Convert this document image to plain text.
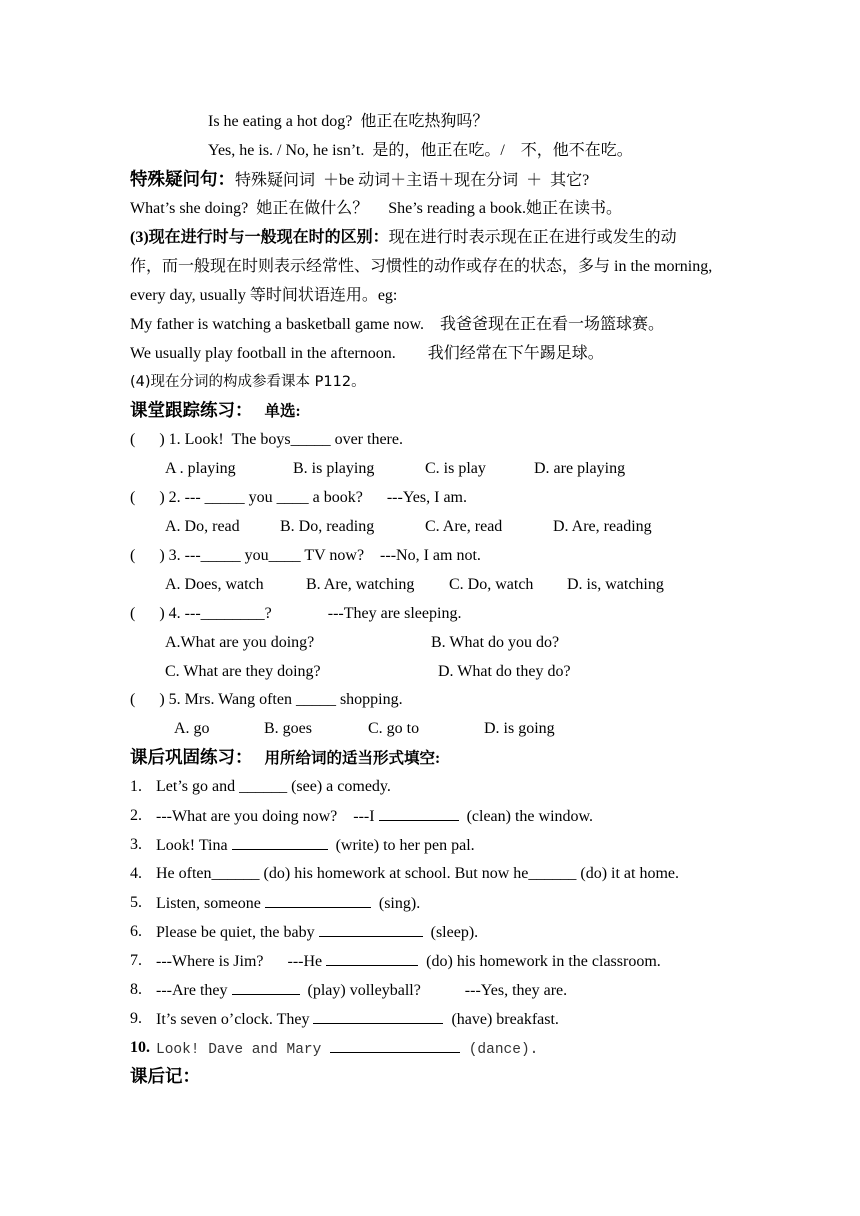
Is he eating a hot dog?  他正在吃热狗吗？
Yes, he is. / No, he isn’t.  是的，他正在吃。/    不，他不在吃。
特殊疑问句：特殊疑问词  ＋be 动词＋主语＋现在分词  ＋  其它?
What’s she doing?  她正在做什么？     She’s reading a book.她正在读书。
(3)现在进行时与一般现在时的区别：现在进行时表示现在正在进行或发生的动
作，而一般现在时则表示经常性、习惯性的动作或存在的状态，多与 in the morning,
every day, usually 等时间状语连用。eg:
My father is watching a basketball game now.    我爸爸现在正在看一场篮球赛。
We usually play football in the afternoon.        我们经常在下午踢足球。
(4)现在分词的构成参看课本 P112。
课堂跟踪练习： 单选:
(      ) 1. Look!  The boys_____ over there.
A . playing	B. is playing	C. is play	D. are playing
(      ) 2. --- _____ you ____ a book?      ---Yes, I am.
A. Do, read	B. Do, reading	C. Are, read	D. Are, reading
(      ) 3. ---_____ you____ TV now?    ---No, I am not.
A. Does, watch	B. Are, watching C. Do, watch D. is, watching
(      ) 4. ---________?              ---They are sleeping.
A.What are you doing?	B. What do you do?
C. What are they doing?	D. What do they do?
(      ) 5. Mrs. Wang often _____ shopping.
A. go	B. goes	C. go to	D. is going
课后巩固练习： 用所给词的适当形式填空:
1. Let’s go and ______ (see) a comedy.
2. ---What are you doing now?    ---I	(clean) the window.
3. Look! Tina	(write) to her pen pal.
4. He often______ (do) his homework at school. But now he______ (do) it at home.
5. Listen, someone	(sing).
6. Please be quiet, the baby	(sleep).
7. ---Where is Jim?      ---He	(do) his homework in the classroom.
8. ---Are they	(play) volleyball?           ---Yes, they are.
9. It’s seven o’clock. They	(have) breakfast.
10. Look! Dave and Mary	(dance).
课后记：
